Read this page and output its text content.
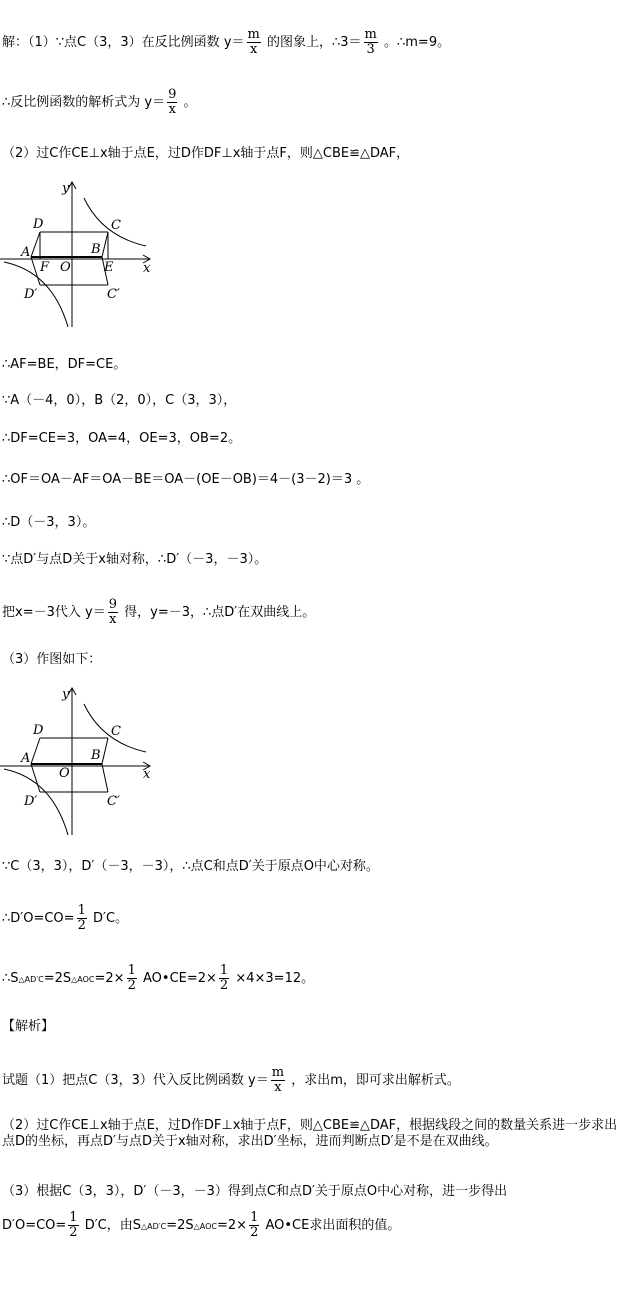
解：（1）∵点C（3，3）在反比例函数 $y= \frac{m}{x}$ 的图象上，∴3＝ $\frac{m}{3}$ 。∴m=9。
∴反比例函数的解析式为 $y= \frac{9}{x}$ 。
（2）过C作CE⊥x轴于点E，过D作DF⊥x轴于点F，则△CBE≌△DAF，
y
x
D	C
A	B
F O	E
D′	C′
∴AF=BE，DF=CE。
∵A（－4，0），B（2，0），C（3，3），
∴DF=CE=3，OA=4，OE=3，OB=2。
∴OF＝OA－AF＝OA－BE＝OA－(OE－OB)＝4－(3－2)＝3 。
∴D（－3，3）。
∵点D′与点D关于x轴对称，∴D′（－3，－3）。
把x=－3代入 $y= \frac{9}{x}$ 得，y=－3，∴点D′在双曲线上。
（3）作图如下：
y
x
D	C
A	B
O
D′	C′
∵C（3，3），D′（－3，－3），∴点C和点D′关于原点O中心对称。
∴D′O=CO= $\frac{1}{2} D'C$。
∴S△AD′C=2S△AOC=2× $\frac{1}{2}$ AO•CE=2× $\frac{1}{2} \times 4\times 3=12$。
【解析】
试题（1）把点C（3，3）代入反比例函数 $y= \frac{m}{x}$ ，求出m，即可求出解析式。
（2）过C作CE⊥x轴于点E，过D作DF⊥x轴于点F，则△CBE≌△DAF，根据线段之间的数量关系进一步求出点D的坐标，再点D′与点D关于x轴对称，求出D′坐标，进而判断点D′是不是在双曲线。
（3）根据C（3，3），D′（－3，－3）得到点C和点D′关于原点O中心对称，进一步得出
$D'O=CO= \frac{1}{2} D'C$，由S△AD′C=2S△AOC=2× $\frac{1}{2}$ AO•CE求出面积的值。
